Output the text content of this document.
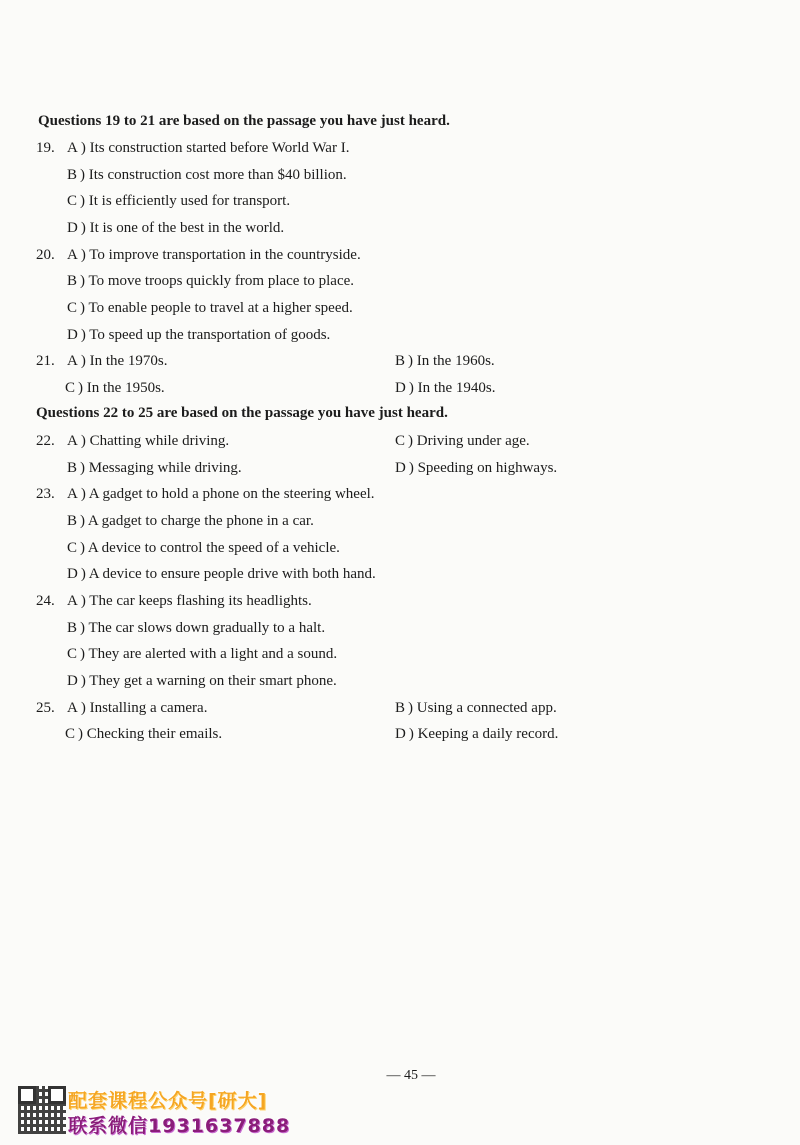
Questions 19 to 21 are based on the passage you have just heard.
19. A ) Its construction started before World War I.
B ) Its construction cost more than $40 billion.
C ) It is efficiently used for transport.
D ) It is one of the best in the world.
20. A ) To improve transportation in the countryside.
B ) To move troops quickly from place to place.
C ) To enable people to travel at a higher speed.
D ) To speed up the transportation of goods.
21. A ) In the 1970s.	B ) In the 1960s.
C ) In the 1950s.	D ) In the 1940s.
Questions 22 to 25 are based on the passage you have just heard.
22. A ) Chatting while driving.	C ) Driving under age.
B ) Messaging while driving.	D ) Speeding on highways.
23. A ) A gadget to hold a phone on the steering wheel.
B ) A gadget to charge the phone in a car.
C ) A device to control the speed of a vehicle.
D ) A device to ensure people drive with both hand.
24. A ) The car keeps flashing its headlights.
B ) The car slows down gradually to a halt.
C ) They are alerted with a light and a sound.
D ) They get a warning on their smart phone.
25. A ) Installing a camera.	B ) Using a connected app.
C ) Checking their emails.	D ) Keeping a daily record.
— 45 —
配套课程公众号[研大]
联系微信1931637888
